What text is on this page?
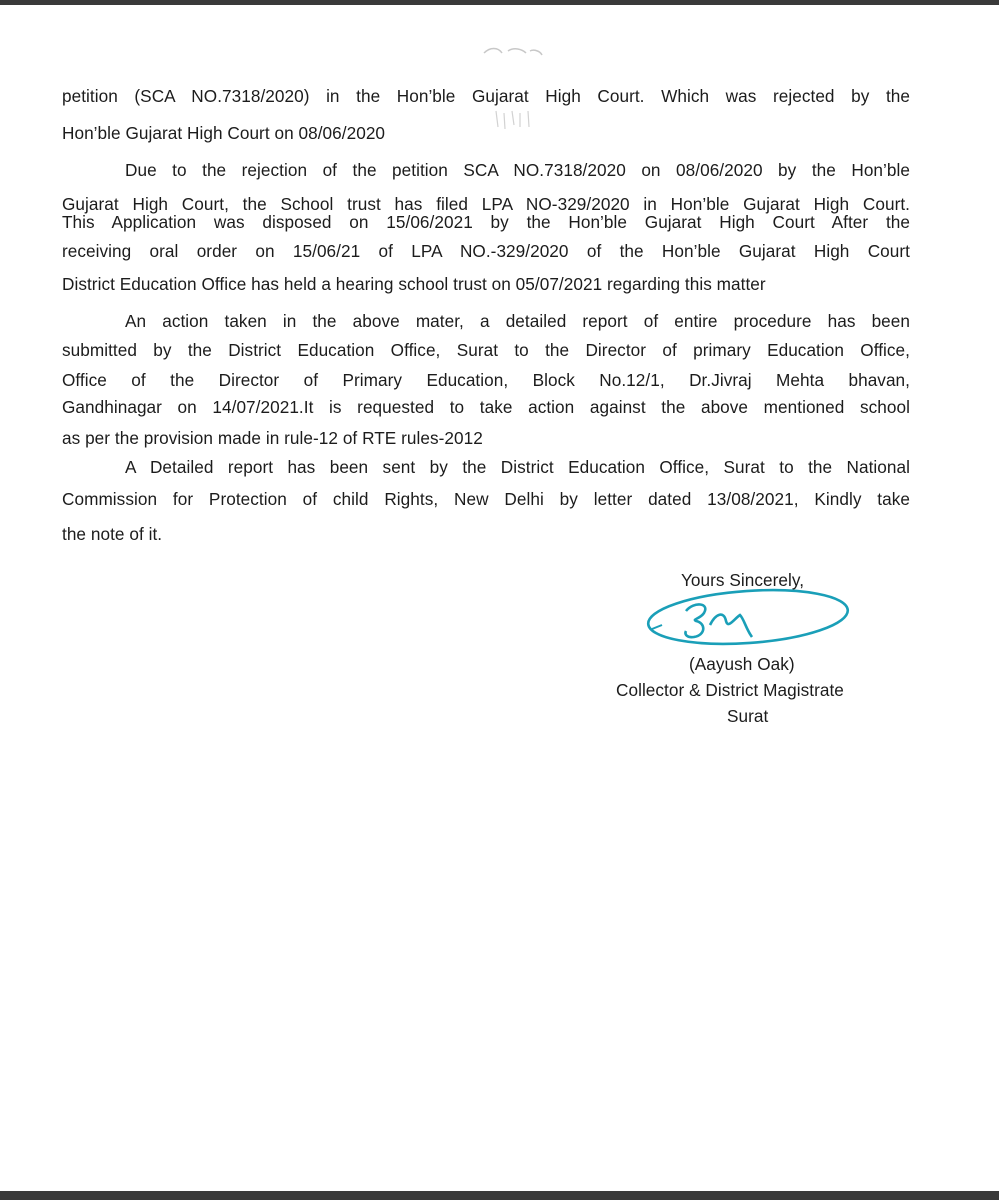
petition (SCA NO.7318/2020) in the Hon’ble Gujarat High Court. Which was rejected by the
Hon’ble Gujarat High Court on 08/06/2020
Due to the rejection of the petition SCA NO.7318/2020 on 08/06/2020 by the Hon’ble
Gujarat High Court, the School trust has filed LPA NO-329/2020 in Hon’ble Gujarat High Court.
This Application was disposed on 15/06/2021 by the Hon’ble Gujarat High Court After the
receiving oral order on 15/06/21 of LPA NO.-329/2020 of the Hon’ble Gujarat High Court
District Education Office has held a hearing school trust on 05/07/2021 regarding this matter
An action taken in the above mater, a detailed report of entire procedure has been
submitted by the District Education Office, Surat to the Director of primary Education Office,
Office of the Director of Primary Education, Block No.12/1, Dr.Jivraj Mehta bhavan,
Gandhinagar on 14/07/2021.It is requested to take action against the above mentioned school
as per the provision made in rule-12 of RTE rules-2012
A Detailed report has been sent by the District Education Office, Surat to the National
Commission for Protection of child Rights, New Delhi by letter dated 13/08/2021, Kindly take
the note of it.
Yours Sincerely,
(Aayush Oak)
Collector & District Magistrate
Surat
